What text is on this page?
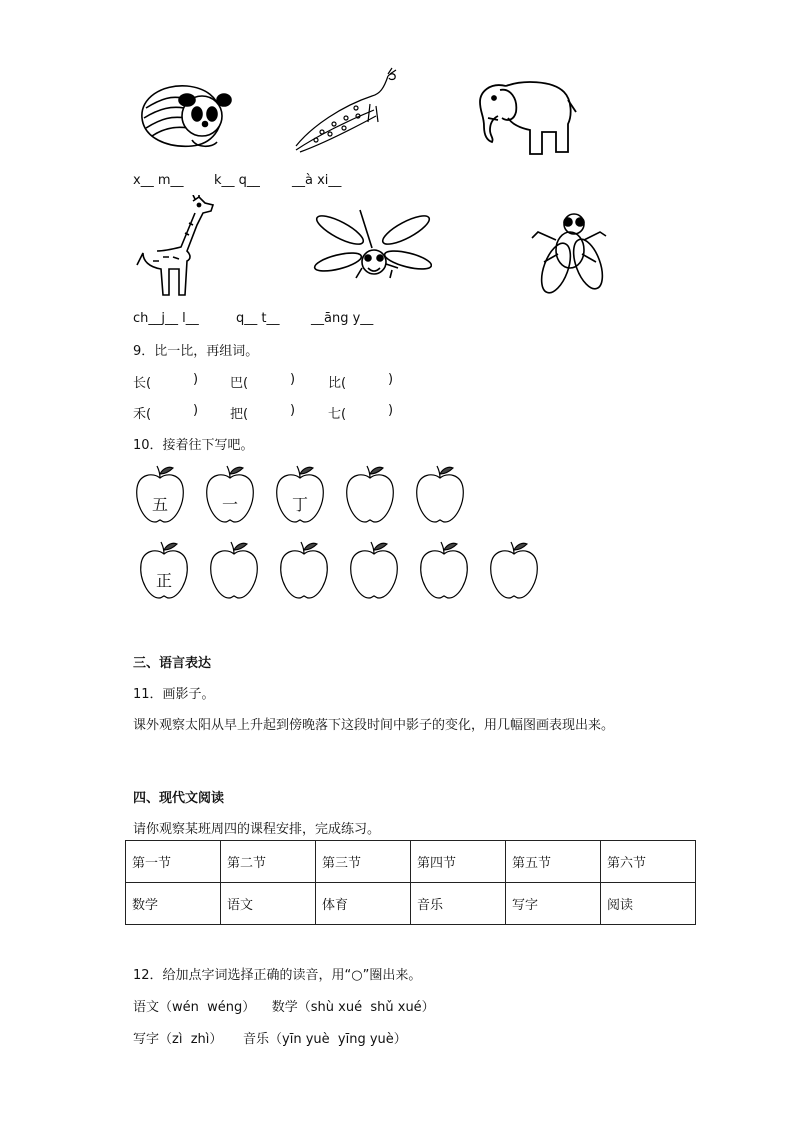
x__ m__ k__ q__ __à xi__
ch__j__ l__	q__ t__ __āng y__
9．比一比，再组词。
长(	) 巴(	)	比(	)
禾(	) 把(	)	七(	)
10．接着往下写吧。
五	一	丁
正
三、语言表达
11．画影子。
课外观察太阳从早上升起到傍晚落下这段时间中影子的变化，用几幅图画表现出来。
四、现代文阅读
请你观察某班周四的课程安排，完成练习。
第一节	第二节	第三节	第四节	第五节	第六节
数学	语文	体育	音乐	写字	阅读
12．给加点字词选择正确的读音，用“○”圈出来。
语文（wén  wéng）    数学（shù xué  shǔ xué）
写字（zì  zhì）     音乐（yīn yuè  yīng yuè）
